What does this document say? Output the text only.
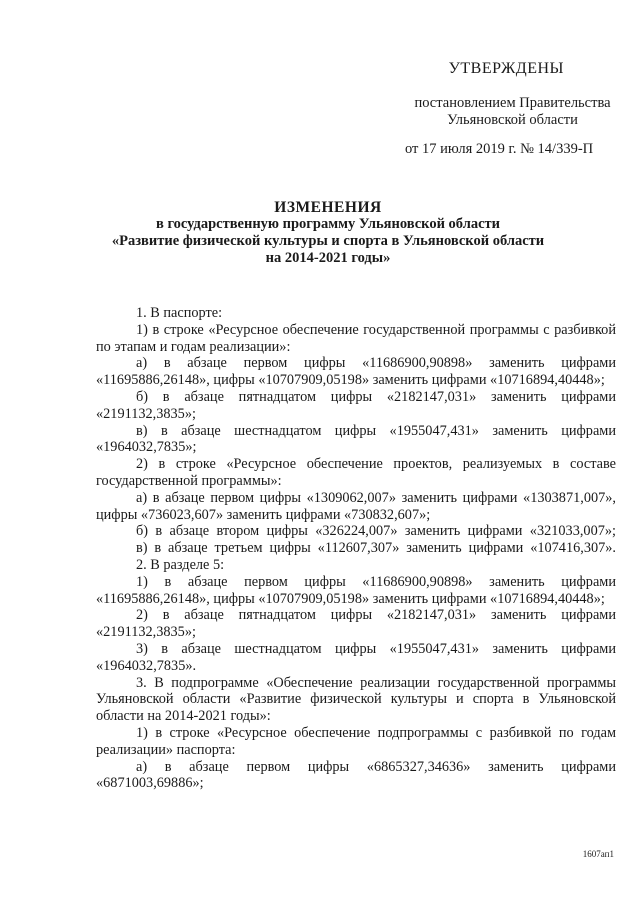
УТВЕРЖДЕНЫ
постановлением Правительства
Ульяновской области
от 17 июля 2019 г. № 14/339-П
ИЗМЕНЕНИЯ
в государственную программу Ульяновской области
«Развитие физической культуры и спорта в Ульяновской области
на 2014-2021 годы»

1. В паспорте:

1) в строке «Ресурсное обеспечение государственной программы с разбивкой по этапам и годам реализации»:

а) в абзаце первом цифры «11686900,90898» заменить цифрами «11695886,26148», цифры «10707909,05198» заменить цифрами «10716894,40448»;

б) в абзаце пятнадцатом цифры «2182147,031» заменить цифрами «2191132,3835»;

в) в абзаце шестнадцатом цифры «1955047,431» заменить цифрами «1964032,7835»;

2) в строке «Ресурсное обеспечение проектов, реализуемых в составе государственной программы»:

а) в абзаце первом цифры «1309062,007» заменить цифрами «1303871,007», цифры «736023,607» заменить цифрами «730832,607»;

б) в абзаце втором цифры «326224,007» заменить цифрами «321033,007»;

в) в абзаце третьем цифры «112607,307» заменить цифрами «107416,307».

2. В разделе 5:

1) в абзаце первом цифры «11686900,90898» заменить цифрами «11695886,26148», цифры «10707909,05198» заменить цифрами «10716894,40448»;

2) в абзаце пятнадцатом цифры «2182147,031» заменить цифрами «2191132,3835»;

3) в абзаце шестнадцатом цифры «1955047,431» заменить цифрами «1964032,7835».

3. В подпрограмме «Обеспечение реализации государственной программы Ульяновской области «Развитие физической культуры и спорта в Ульяновской области на 2014-2021 годы»:

1) в строке «Ресурсное обеспечение подпрограммы с разбивкой по годам реализации» паспорта:

а) в абзаце первом цифры «6865327,34636» заменить цифрами «6871003,69886»;

1607ап1
